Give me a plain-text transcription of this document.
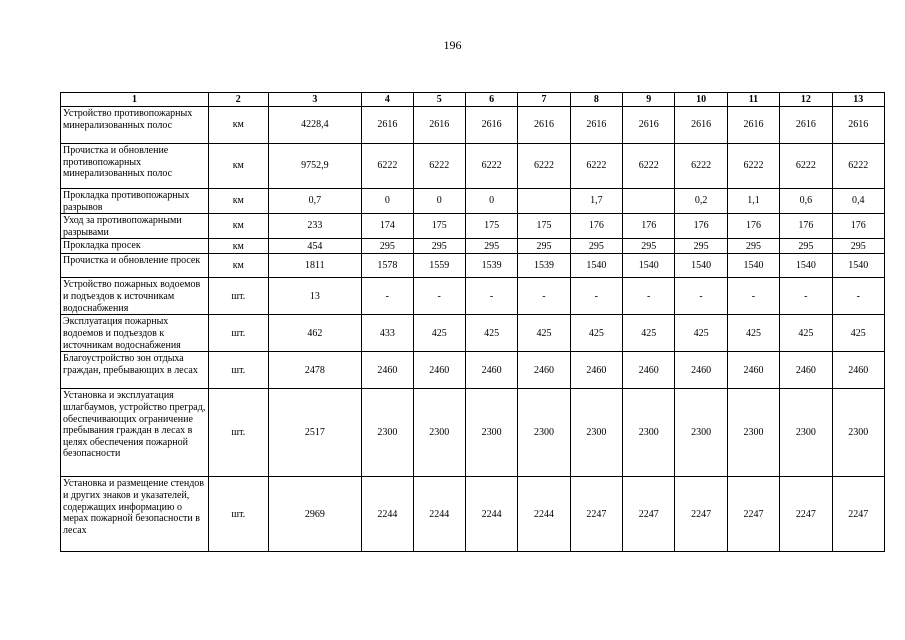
196
1	2	3	4	5	6	7	8	9	10	11	12	13
Устройство противопожарных минерализованных полос	км	4228,4	2616	2616	2616	2616	2616	2616	2616	2616	2616	2616
Прочистка и обновление противопожарных минерализованных полос	км	9752,9	6222	6222	6222	6222	6222	6222	6222	6222	6222	6222
Прокладка противопожарных разрывов	км	0,7	0	0	0		1,7		0,2	1,1	0,6	0,4
Уход за противопожарными разрывами	км	233	174	175	175	175	176	176	176	176	176	176
Прокладка просек	км	454	295	295	295	295	295	295	295	295	295	295
Прочистка и обновление просек	км	1811	1578	1559	1539	1539	1540	1540	1540	1540	1540	1540
Устройство пожарных водоемов и подъездов к источникам водоснабжения	шт.	13	-	-	-	-	-	-	-	-	-	-
Эксплуатация пожарных водоемов и подъездов к источникам водоснабжения	шт.	462	433	425	425	425	425	425	425	425	425	425
Благоустройство зон отдыха граждан, пребывающих в лесах	шт.	2478	2460	2460	2460	2460	2460	2460	2460	2460	2460	2460
Установка и эксплуатация шлагбаумов, устройство преград, обеспечивающих ограничение пребывания граждан в лесах в целях обеспечения пожарной безопасности	шт.	2517	2300	2300	2300	2300	2300	2300	2300	2300	2300	2300
Установка и размещение стендов и других знаков и указателей, содержащих информацию о мерах пожарной безопасности в лесах	шт.	2969	2244	2244	2244	2244	2247	2247	2247	2247	2247	2247
